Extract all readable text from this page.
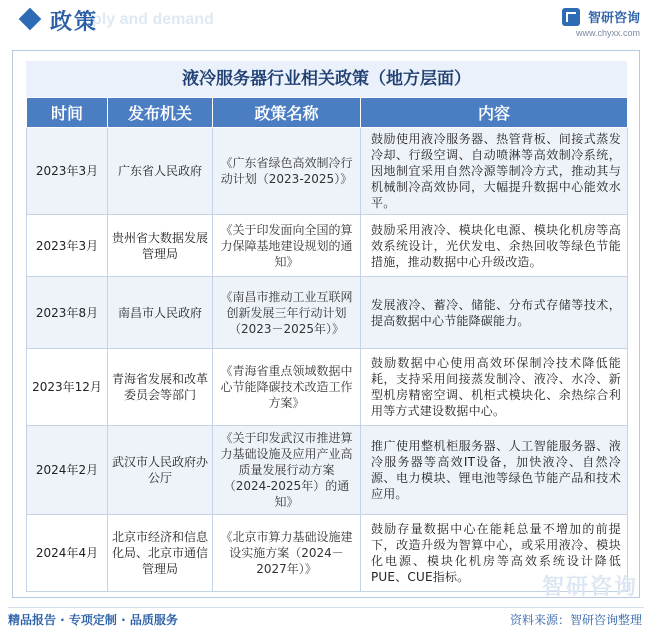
ply and demand
政策	智研咨询
www.chyxx.com
液冷服务器行业相关政策（地方层面）
时间	发布机关	政策名称	内容
2023年3月	广东省人民政府	《广东省绿色高效制冷行动计划（2023-2025）》	鼓励使用液冷服务器、热管背板、间接式蒸发冷却、行级空调、自动喷淋等高效制冷系统，因地制宜采用自然冷源等制冷方式，推动其与机械制冷高效协同，大幅提升数据中心能效水平。
2023年3月	贵州省大数据发展管理局	《关于印发面向全国的算力保障基地建设规划的通知》	鼓励采用液冷、模块化电源、模块化机房等高效系统设计，光伏发电、余热回收等绿色节能措施，推动数据中心升级改造。
2023年8月	南昌市人民政府	《南昌市推动工业互联网创新发展三年行动计划（2023－2025年）》	发展液冷、蓄冷、储能、分布式存储等技术，提高数据中心节能降碳能力。
2023年12月	青海省发展和改革委员会等部门	《青海省重点领域数据中心节能降碳技术改造工作方案》	鼓励数据中心使用高效环保制冷技术降低能耗，支持采用间接蒸发制冷、液冷、水冷、新型机房精密空调、机柜式模块化、余热综合利用等方式建设数据中心。
2024年2月	武汉市人民政府办公厅	《关于印发武汉市推进算力基础设施及应用产业高质量发展行动方案（2024-2025年）的通知》	推广使用整机柜服务器、人工智能服务器、液冷服务器等高效IT设备，加快液冷、自然冷源、电力模块、锂电池等绿色节能产品和技术应用。
2024年4月	北京市经济和信息化局、北京市通信管理局	《北京市算力基础设施建设实施方案（2024－2027年）》	鼓励存量数据中心在能耗总量不增加的前提下，改造升级为智算中心，或采用液冷、模块化电源、模块化机房等高效系统设计降低PUE、CUE指标。	智研咨询
精品报告 · 专项定制 · 品质服务	资料来源：智研咨询整理
